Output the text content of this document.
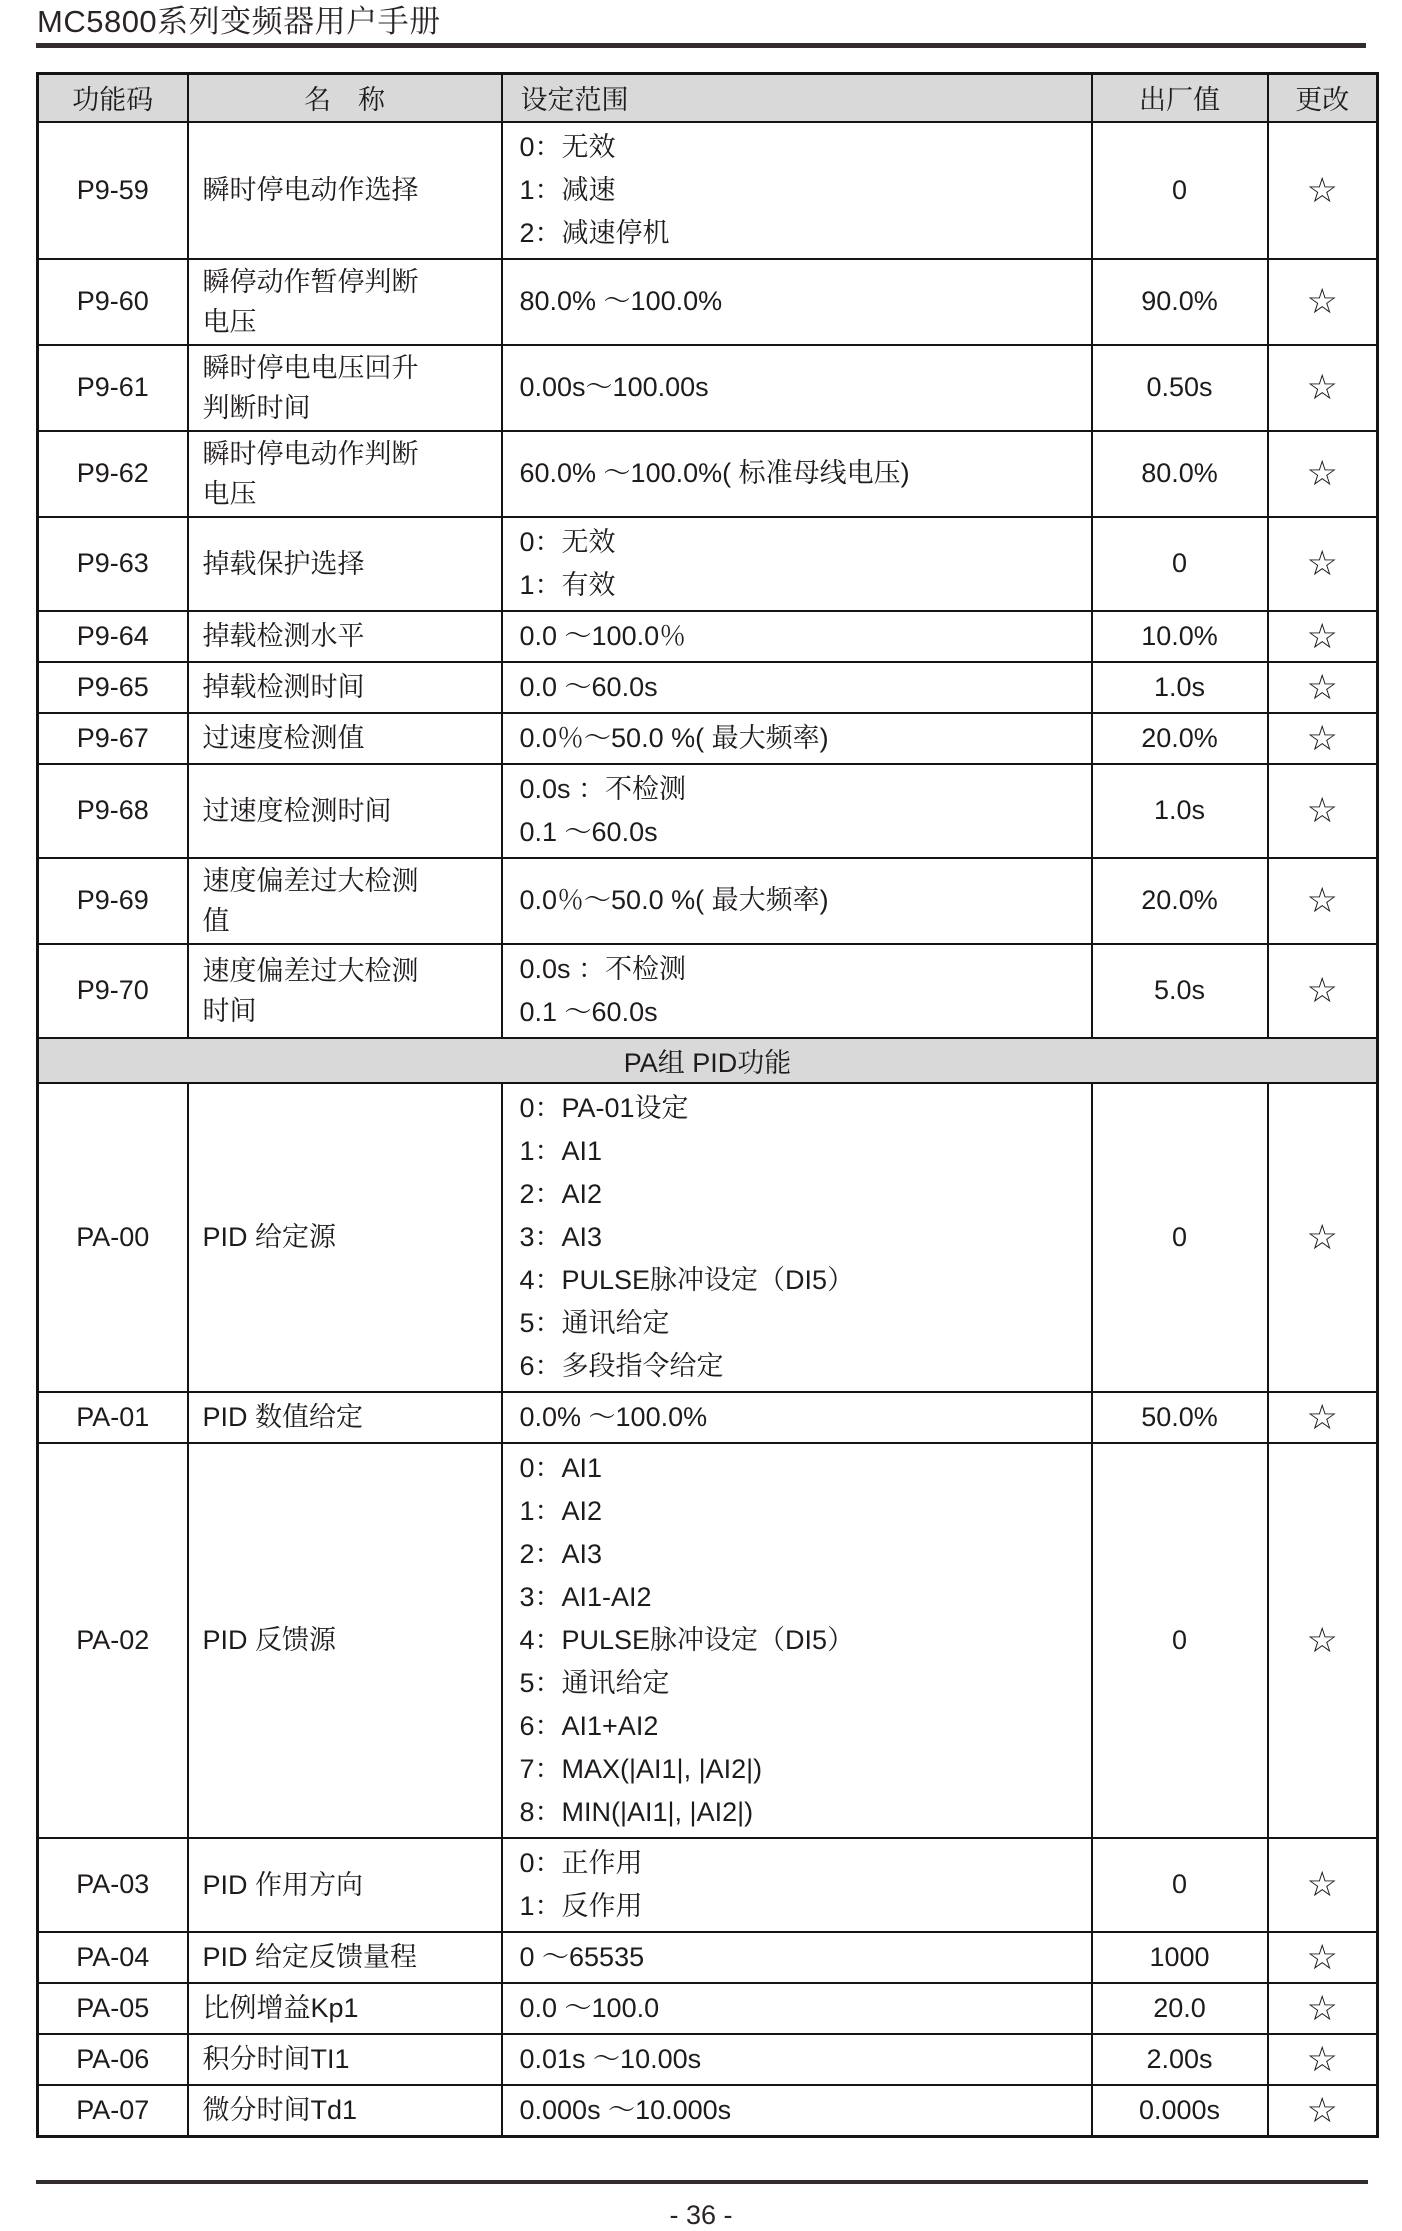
MC5800系列变频器用户手册
功能码	名　称	设定范围	出厂值	更改
P9-59	瞬时停电动作选择	0：无效
1：减速
2：减速停机	0	☆
P9-60	瞬停动作暂停判断
电压	80.0% ～100.0%	90.0%	☆
P9-61	瞬时停电电压回升
判断时间	0.00s～100.00s	0.50s	☆
P9-62	瞬时停电动作判断
电压	60.0% ～100.0%( 标准母线电压)	80.0%	☆
P9-63	掉载保护选择	0：无效
1：有效	0	☆
P9-64	掉载检测水平	0.0 ～100.0％	10.0%	☆
P9-65	掉载检测时间	0.0 ～60.0s	1.0s	☆
P9-67	过速度检测值	0.0％～50.0 %( 最大频率)	20.0%	☆
P9-68	过速度检测时间	0.0s ：不检测
0.1 ～60.0s	1.0s	☆
P9-69	速度偏差过大检测
值	0.0％～50.0 %( 最大频率)	20.0%	☆
P9-70	
速度偏差过大检测
时间

0.0s ：不检测
0.1 ～60.0s
	5.0s	☆
PA组 PID功能				
PA-00	PID 给定源

0：PA-01设定
1：AI1
2：AI2
3：AI3
4：PULSE脉冲设定（DI5）
5：通讯给定
6：多段指令给定
	0	☆
PA-01	PID 数值给定	0.0% ～100.0%	50.0%	☆
PA-02	PID 反馈源

0：AI1
1：AI2
2：AI3
3：AI1-AI2
4：PULSE脉冲设定（DI5）
5：通讯给定
6：AI1+AI2
7：MAX(|AI1|, |AI2|)
8：MIN(|AI1|, |AI2|)
	0	☆
PA-03	PID 作用方向	0：正作用
1：反作用	0	☆
PA-04	PID 给定反馈量程	0 ～65535	1000	☆
PA-05	比例增益Kp1	0.0 ～100.0	20.0	☆
PA-06	积分时间TI1	0.01s ～10.00s	2.00s	☆
PA-07	微分时间Td1	0.000s ～10.000s	0.000s	☆
- 36 -
